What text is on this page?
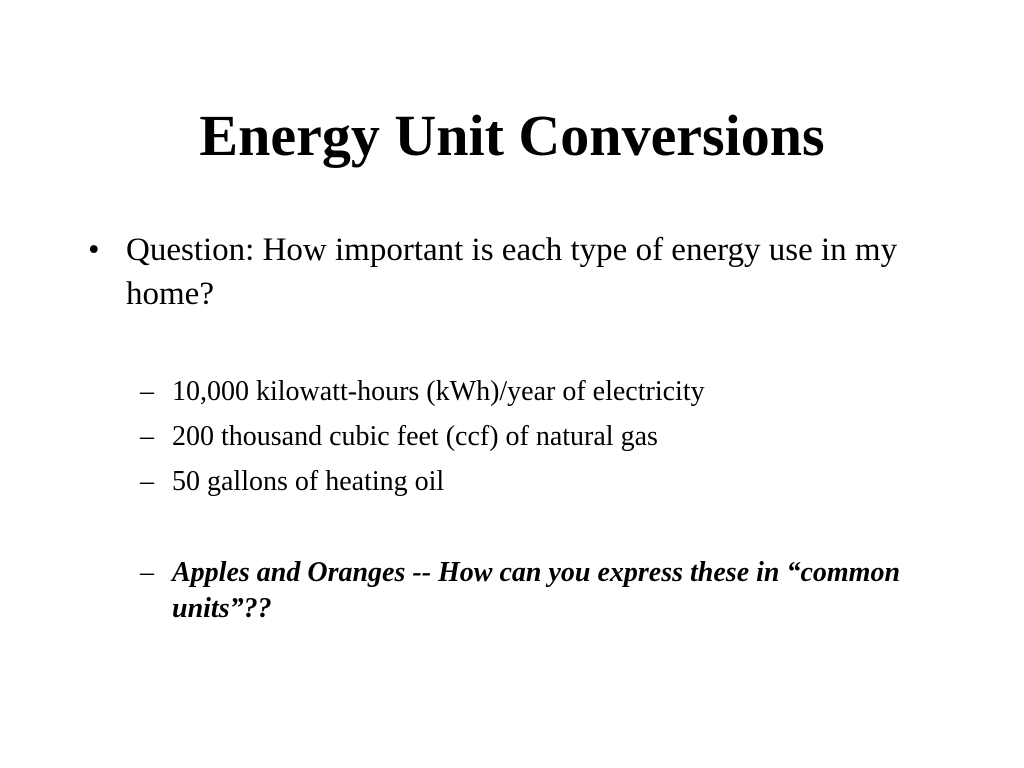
Energy Unit Conversions
• Question: How important is each type of energy use in my home?
– 10,000 kilowatt-hours (kWh)/year of electricity
– 200 thousand cubic feet (ccf) of natural gas
– 50 gallons of heating oil
– Apples and Oranges -- How can you express these in “common units”??
